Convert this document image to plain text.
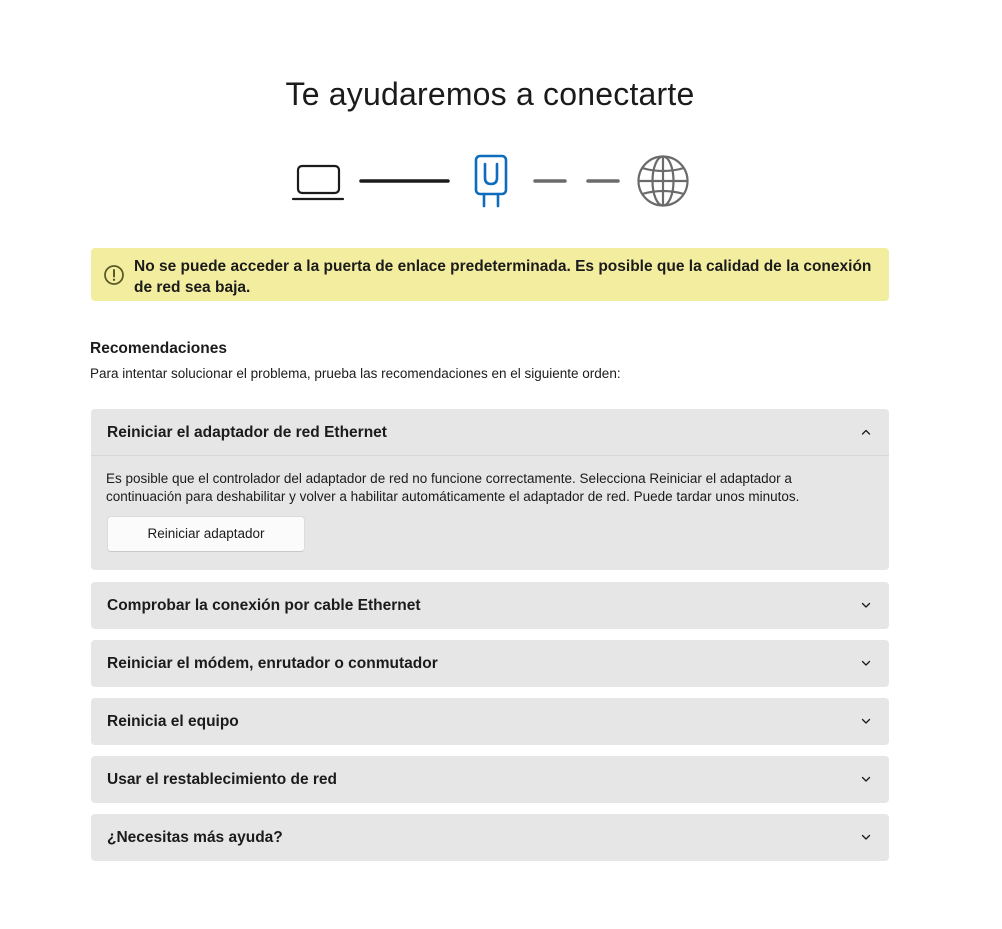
Te ayudaremos a conectarte
No se puede acceder a la puerta de enlace predeterminada. Es posible que la calidad de la conexión de red sea baja.
Recomendaciones
Para intentar solucionar el problema, prueba las recomendaciones en el siguiente orden:
Reiniciar el adaptador de red Ethernet
Es posible que el controlador del adaptador de red no funcione correctamente. Selecciona Reiniciar el adaptador a continuación para deshabilitar y volver a habilitar automáticamente el adaptador de red. Puede tardar unos minutos.
Reiniciar adaptador
Comprobar la conexión por cable Ethernet
Reiniciar el módem, enrutador o conmutador
Reinicia el equipo
Usar el restablecimiento de red
¿Necesitas más ayuda?
